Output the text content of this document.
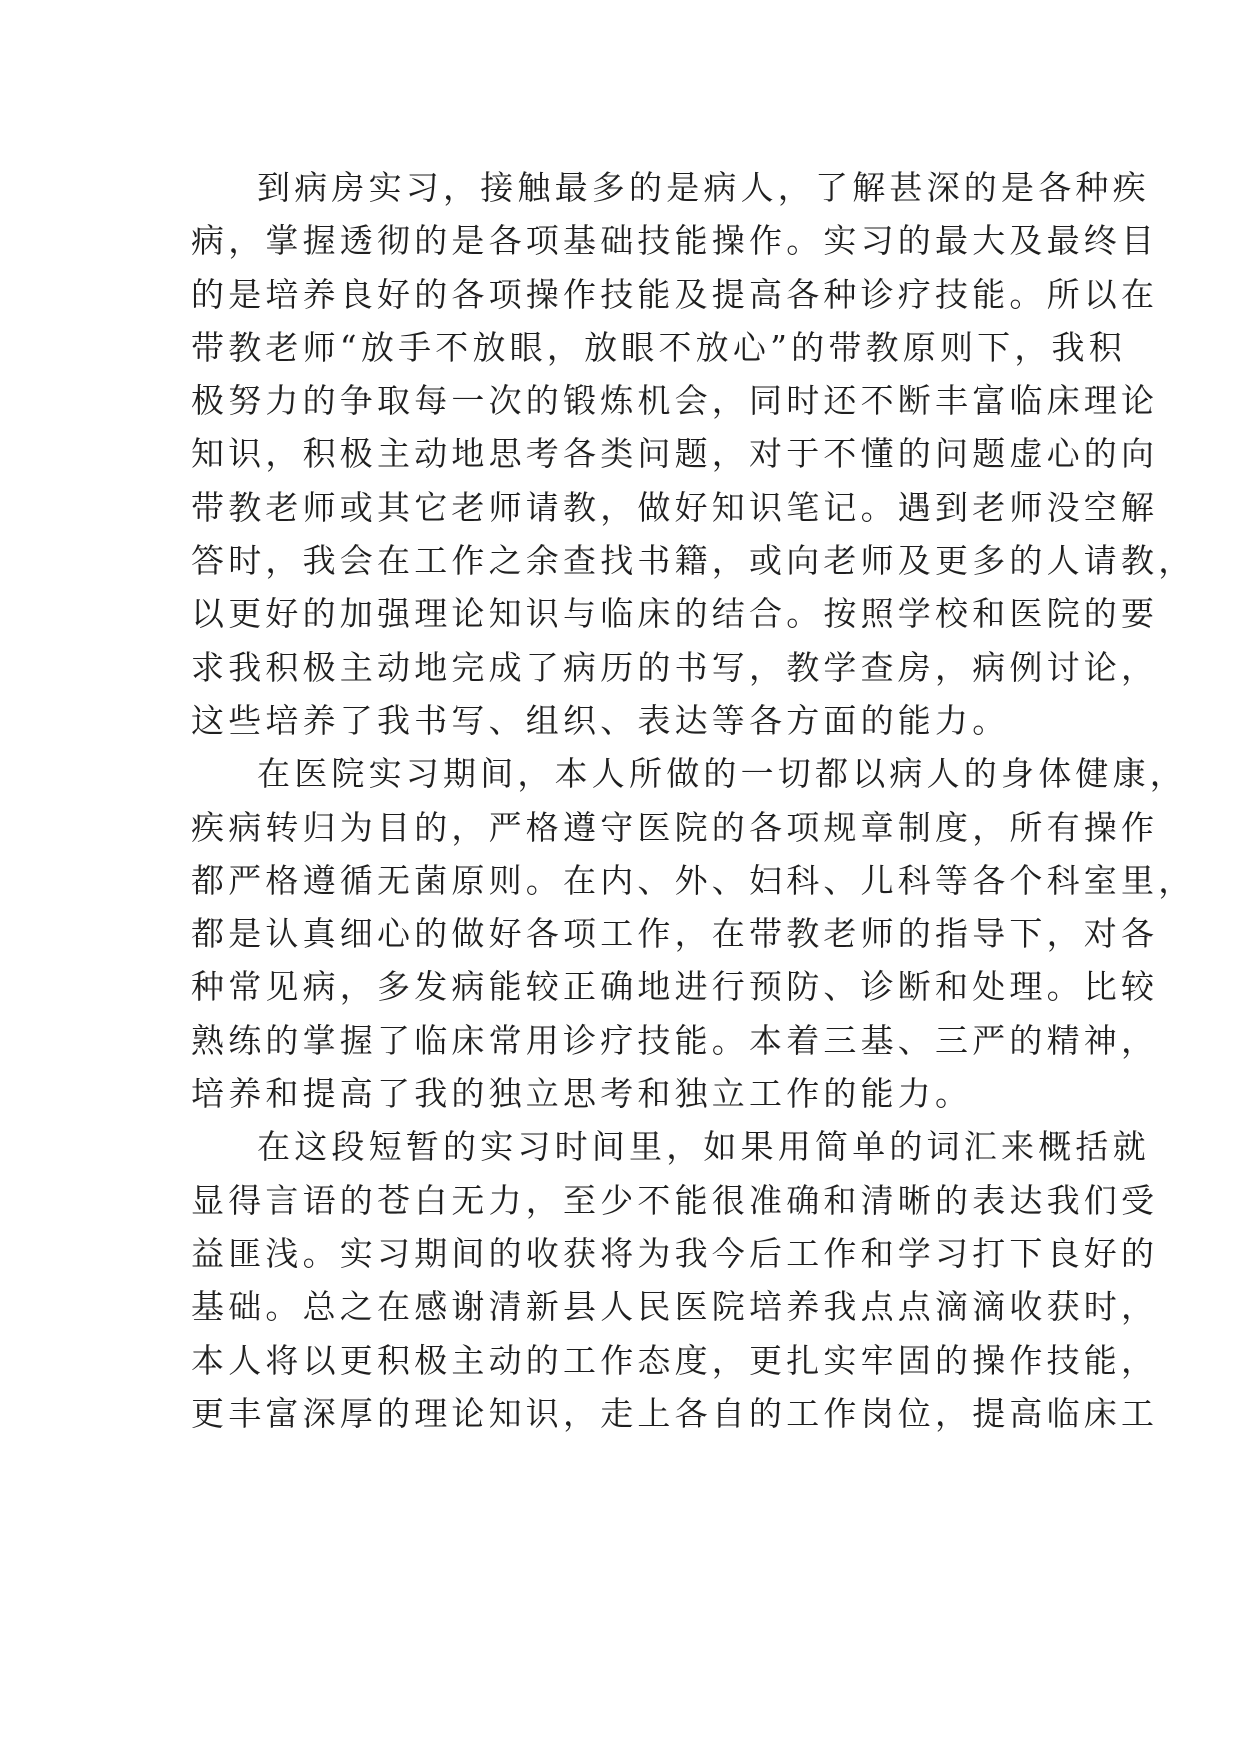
到病房实习，接触最多的是病人，了解甚深的是各种疾
病，掌握透彻的是各项基础技能操作。实习的最大及最终目
的是培养良好的各项操作技能及提高各种诊疗技能。所以在
带教老师“放手不放眼，放眼不放心”的带教原则下，我积
极努力的争取每一次的锻炼机会，同时还不断丰富临床理论
知识，积极主动地思考各类问题，对于不懂的问题虚心的向
带教老师或其它老师请教，做好知识笔记。遇到老师没空解
答时，我会在工作之余查找书籍，或向老师及更多的人请教，
以更好的加强理论知识与临床的结合。按照学校和医院的要
求我积极主动地完成了病历的书写，教学查房，病例讨论，
这些培养了我书写、组织、表达等各方面的能力。
在医院实习期间，本人所做的一切都以病人的身体健康，
疾病转归为目的，严格遵守医院的各项规章制度，所有操作
都严格遵循无菌原则。在内、外、妇科、儿科等各个科室里，
都是认真细心的做好各项工作，在带教老师的指导下，对各
种常见病，多发病能较正确地进行预防、诊断和处理。比较
熟练的掌握了临床常用诊疗技能。本着三基、三严的精神，
培养和提高了我的独立思考和独立工作的能力。
在这段短暂的实习时间里，如果用简单的词汇来概括就
显得言语的苍白无力，至少不能很准确和清晰的表达我们受
益匪浅。实习期间的收获将为我今后工作和学习打下良好的
基础。总之在感谢清新县人民医院培养我点点滴滴收获时，
本人将以更积极主动的工作态度，更扎实牢固的操作技能，
更丰富深厚的理论知识，走上各自的工作岗位，提高临床工
